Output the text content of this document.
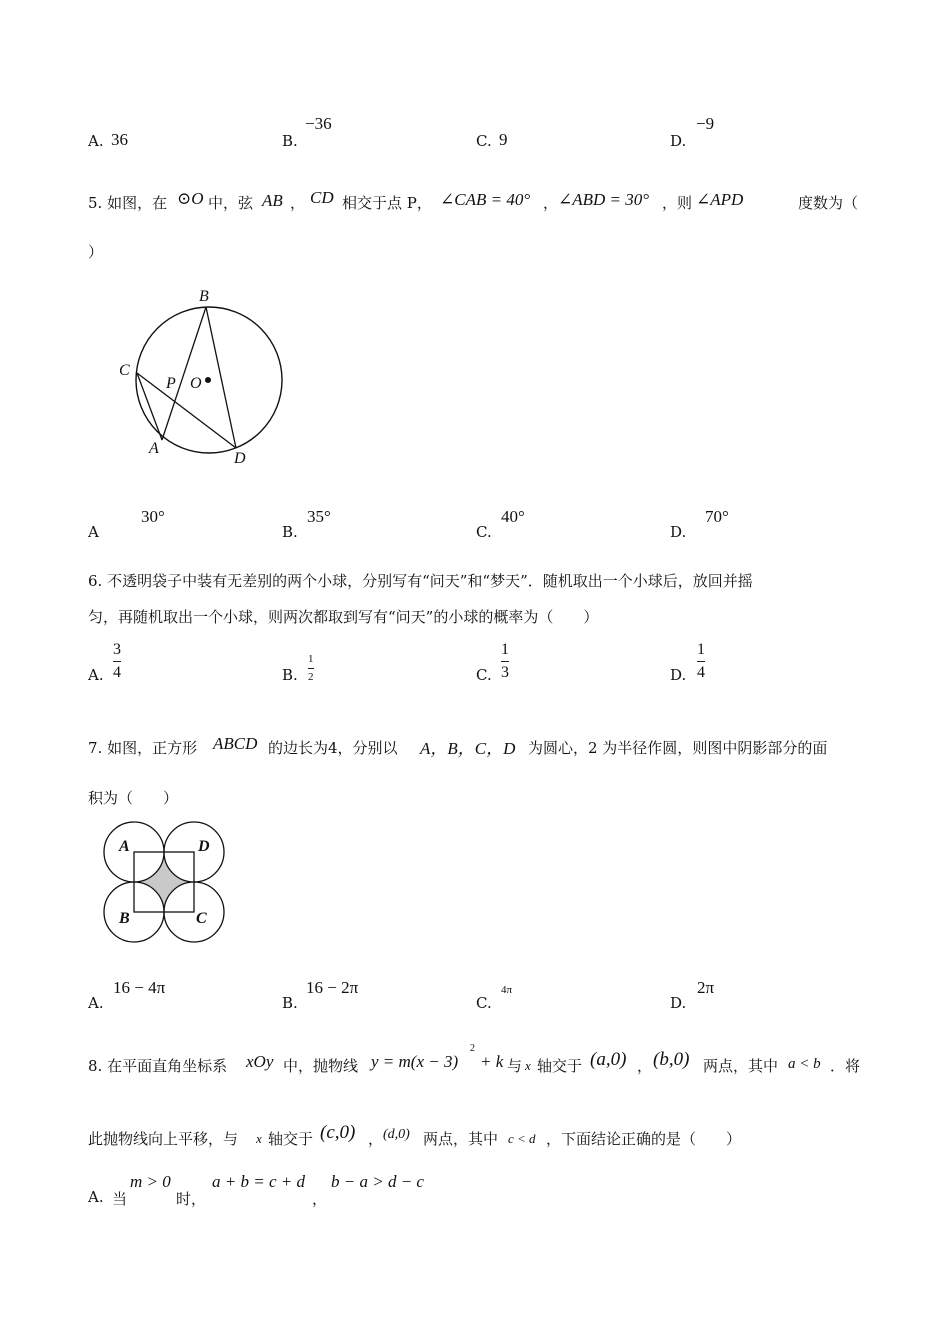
A. 36	B.
−36
C. 9	D.
−9
5. 如图，在 ⊙O 中，弦 AB ， CD 相交于点 P， ∠CAB = 40° ， ∠ABD = 30° ，则 ∠APD	度数为（
）
B
C
P O
A
D
A
30°
B.
35°
C.
40°
D.
70°
6. 不透明袋子中装有无差别的两个小球，分别写有“问天”和“梦天”．随机取出一个小球后，放回并摇
匀，再随机取出一个小球，则两次都取到写有“问天”的小球的概率为（　　）
A.
3
4	B.
1
2	C.
1
3	D.
1
4
7. 如图，正方形 ABCD 的边长为4，分别以 A，B，C，D 为圆心，2 为半径作圆，则图中阴影部分的面
积为（　　）
A	D
B	C
A.
16 − 4π
B.
16 − 2π
C.
4π
D.
2π
8. 在平面直角坐标系 xOy 中，抛物线 y = m(x − 3)
2
+ k 与 x 轴交于 (a,0) ， (b,0) 两点，其中 a < b ．将
此抛物线向上平移，与 x 轴交于 (c,0) ， (d,0) 两点，其中 c < d ，下面结论正确的是（　　）
A. 当
m > 0
时，
a + b = c + d
，
b − a > d − c
